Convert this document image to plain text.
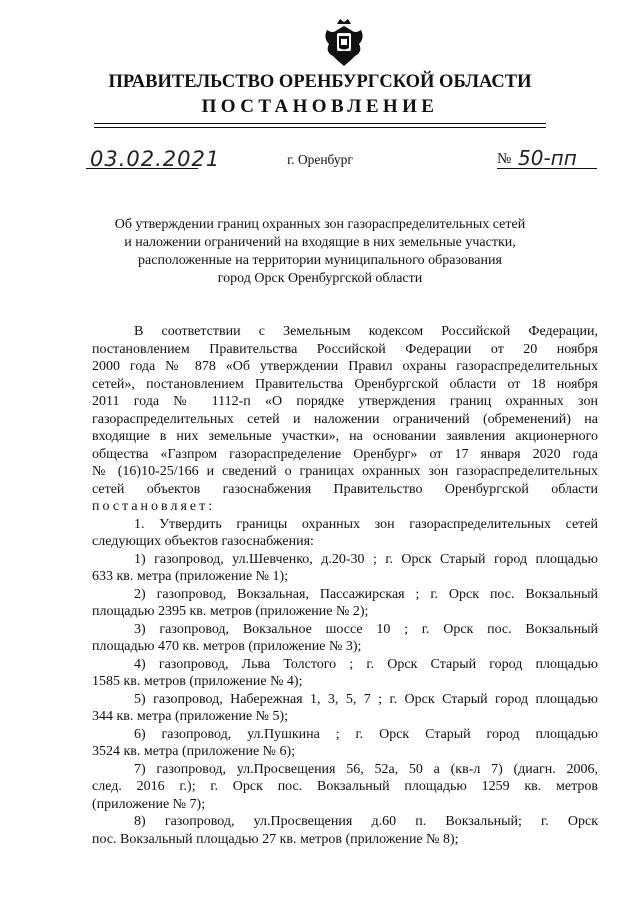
ПРАВИТЕЛЬСТВО ОРЕНБУРГСКОЙ ОБЛАСТИ
ПОСТАНОВЛЕНИЕ
03.02.2021	г. Оренбург	№ 50-пп
Об утверждении границ охранных зон газораспределительных сетей
и наложении ограничений на входящие в них земельные участки,
расположенные на территории муниципального образования
город Орск Оренбургской области
В соответствии с Земельным кодексом Российской Федерации,
постановлением Правительства Российской Федерации от 20 ноября
2000 года № 878 «Об утверждении Правил охраны газораспределительных
сетей», постановлением Правительства Оренбургской области от 18 ноября
2011 года № 1112-п «О порядке утверждения границ охранных зон
газораспределительных сетей и наложении ограничений (обременений) на
входящие в них земельные участки», на основании заявления акционерного
общества «Газпром газораспределение Оренбург» от 17 января 2020 года
№ (16)10-25/166 и сведений о границах охранных зон газораспределительных
сетей объектов газоснабжения Правительство Оренбургской области
постановляет:
1. Утвердить границы охранных зон газораспределительных сетей
следующих объектов газоснабжения:
1) газопровод, ул.Шевченко, д.20-30 ; г. Орск Старый город площадью
633 кв. метра (приложение № 1);
2) газопровод, Вокзальная, Пассажирская ; г. Орск пос. Вокзальный
площадью 2395 кв. метров (приложение № 2);
3) газопровод, Вокзальное шоссе 10 ; г. Орск пос. Вокзальный
площадью 470 кв. метров (приложение № 3);
4) газопровод, Льва Толстого ; г. Орск Старый город площадью
1585 кв. метров (приложение № 4);
5) газопровод, Набережная 1, 3, 5, 7 ; г. Орск Старый город площадью
344 кв. метра (приложение № 5);
6) газопровод, ул.Пушкина ; г. Орск Старый город площадью
3524 кв. метра (приложение № 6);
7) газопровод, ул.Просвещения 56, 52а, 50 а (кв-л 7) (диагн. 2006,
след. 2016 г.); г. Орск пос. Вокзальный площадью 1259 кв. метров
(приложение № 7);
8) газопровод, ул.Просвещения д.60 п. Вокзальный; г. Орск
пос. Вокзальный площадью 27 кв. метров (приложение № 8);
